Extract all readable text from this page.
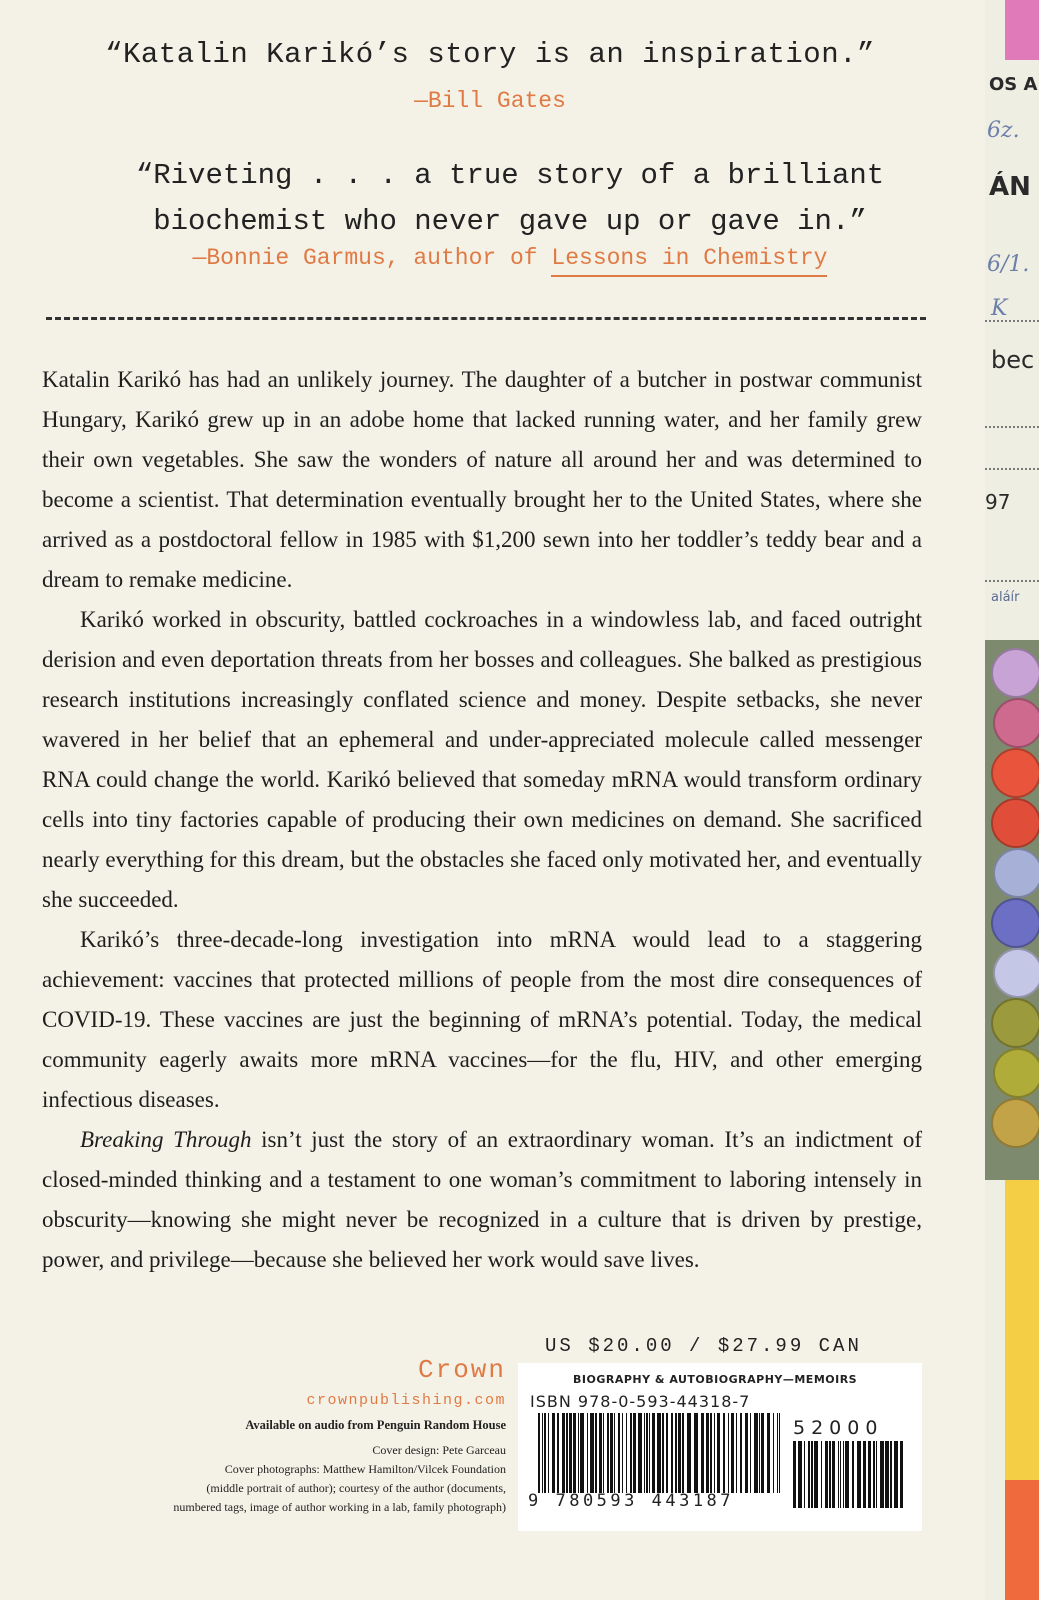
OS A
6z.
ÁN
6/1.
Κ
bec
97
aláír
“Katalin Karikó’s story is an inspiration.”
—Bill Gates
“Riveting . . . a true story of a brilliant
biochemist who never gave up or gave in.”
—Bonnie Garmus, author of Lessons in Chemistry

Katalin Karikó has had an unlikely journey. The daughter of a butcher in postwar communist Hungary, Karikó grew up in an adobe home that lacked running water, and her family grew their own vegetables. She saw the wonders of nature all around her and was determined to become a scientist. That determination eventually brought her to the United States, where she arrived as a postdoctoral fellow in 1985 with $1,200 sewn into her toddler’s teddy bear and a dream to remake medicine.

Karikó worked in obscurity, battled cockroaches in a windowless lab, and faced outright derision and even deportation threats from her bosses and colleagues. She balked as prestigious research institutions increasingly conflated science and money. Despite setbacks, she never wavered in her belief that an ephemeral and under-appreciated molecule called messenger RNA could change the world. Karikó believed that someday mRNA would transform ordinary cells into tiny factories capable of producing their own medicines on demand. She sacrificed nearly everything for this dream, but the obstacles she faced only motivated her, and eventually she succeeded.

Karikó’s three-decade-long investigation into mRNA would lead to a staggering achievement: vaccines that protected millions of people from the most dire consequences of COVID-19. These vaccines are just the beginning of mRNA’s potential. Today, the medical community eagerly awaits more mRNA vaccines—for the flu, HIV, and other emerging infectious diseases.

Breaking Through isn’t just the story of an extraordinary woman. It’s an indictment of closed-minded thinking and a testament to one woman’s commitment to laboring intensely in obscurity—knowing she might never be recognized in a culture that is driven by prestige, power, and privilege—because she believed her work would save lives.

US $20.00 / $27.99 CAN
Crown
crownpublishing.com
Available on audio from Penguin Random House
Cover design: Pete Garceau
Cover photographs: Matthew Hamilton/Vilcek Foundation
(middle portrait of author); courtesy of the author (documents,
numbered tags, image of author working in a lab, family photograph)
BIOGRAPHY & AUTOBIOGRAPHY—MEMOIRS
ISBN 978-0-593-44318-7
9 780593 443187
52000
